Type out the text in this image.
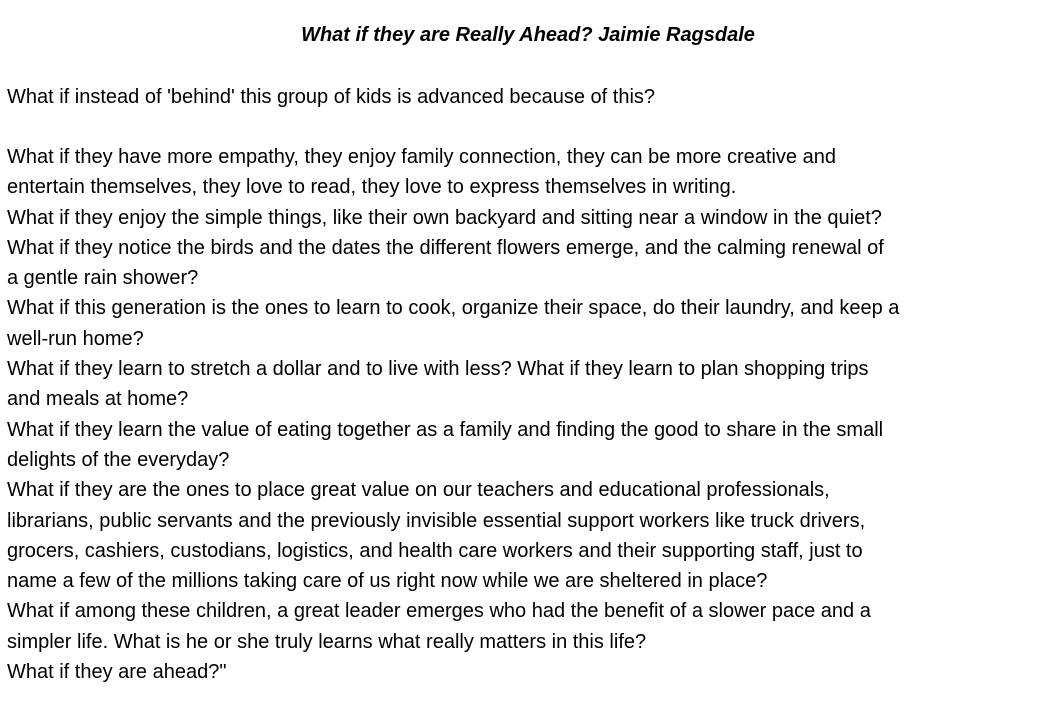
What if they are Really Ahead? Jaimie Ragsdale
What if instead of 'behind' this group of kids is advanced because of this?
What if they have more empathy, they enjoy family connection, they can be more creative and
entertain themselves, they love to read, they love to express themselves in writing.
What if they enjoy the simple things, like their own backyard and sitting near a window in the quiet?
What if they notice the birds and the dates the different flowers emerge, and the calming renewal of
a gentle rain shower?
What if this generation is the ones to learn to cook, organize their space, do their laundry, and keep a
well-run home?
What if they learn to stretch a dollar and to live with less? What if they learn to plan shopping trips
and meals at home?
What if they learn the value of eating together as a family and finding the good to share in the small
delights of the everyday?
What if they are the ones to place great value on our teachers and educational professionals,
librarians, public servants and the previously invisible essential support workers like truck drivers,
grocers, cashiers, custodians, logistics, and health care workers and their supporting staff, just to
name a few of the millions taking care of us right now while we are sheltered in place?
What if among these children, a great leader emerges who had the benefit of a slower pace and a
simpler life. What is he or she truly learns what really matters in this life?
What if they are ahead?"
